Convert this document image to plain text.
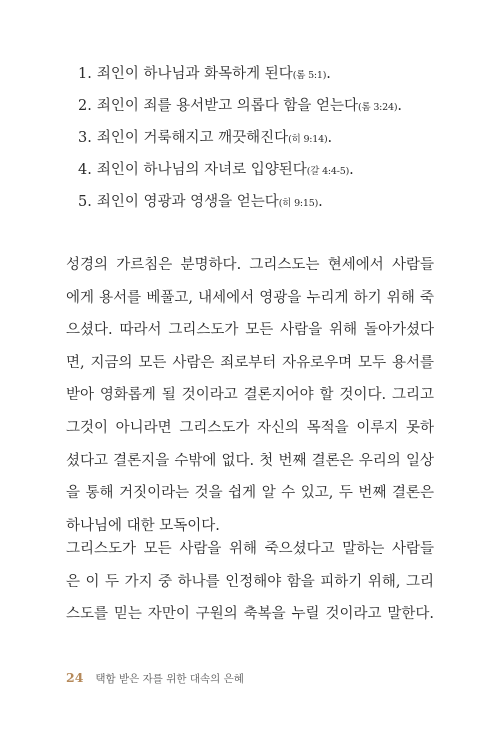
1. 죄인이 하나님과 화목하게 된다(롬 5:1).
2. 죄인이 죄를 용서받고 의롭다 함을 얻는다(롬 3:24).
3. 죄인이 거룩해지고 깨끗해진다(히 9:14).
4. 죄인이 하나님의 자녀로 입양된다(갈 4:4-5).
5. 죄인이 영광과 영생을 얻는다(히 9:15).

성경의 가르침은 분명하다. 그리스도는 현세에서 사람들
에게 용서를 베풀고, 내세에서 영광을 누리게 하기 위해 죽
으셨다. 따라서 그리스도가 모든 사람을 위해 돌아가셨다
면, 지금의 모든 사람은 죄로부터 자유로우며 모두 용서를
받아 영화롭게 될 것이라고 결론지어야 할 것이다. 그리고
그것이 아니라면 그리스도가 자신의 목적을 이루지 못하
셨다고 결론지을 수밖에 없다. 첫 번째 결론은 우리의 일상
을 통해 거짓이라는 것을 쉽게 알 수 있고, 두 번째 결론은
하나님에 대한 모독이다.

그리스도가 모든 사람을 위해 죽으셨다고 말하는 사람들
은 이 두 가지 중 하나를 인정해야 함을 피하기 위해, 그리
스도를 믿는 자만이 구원의 축복을 누릴 것이라고 말한다.

24 택함 받은 자를 위한 대속의 은혜
